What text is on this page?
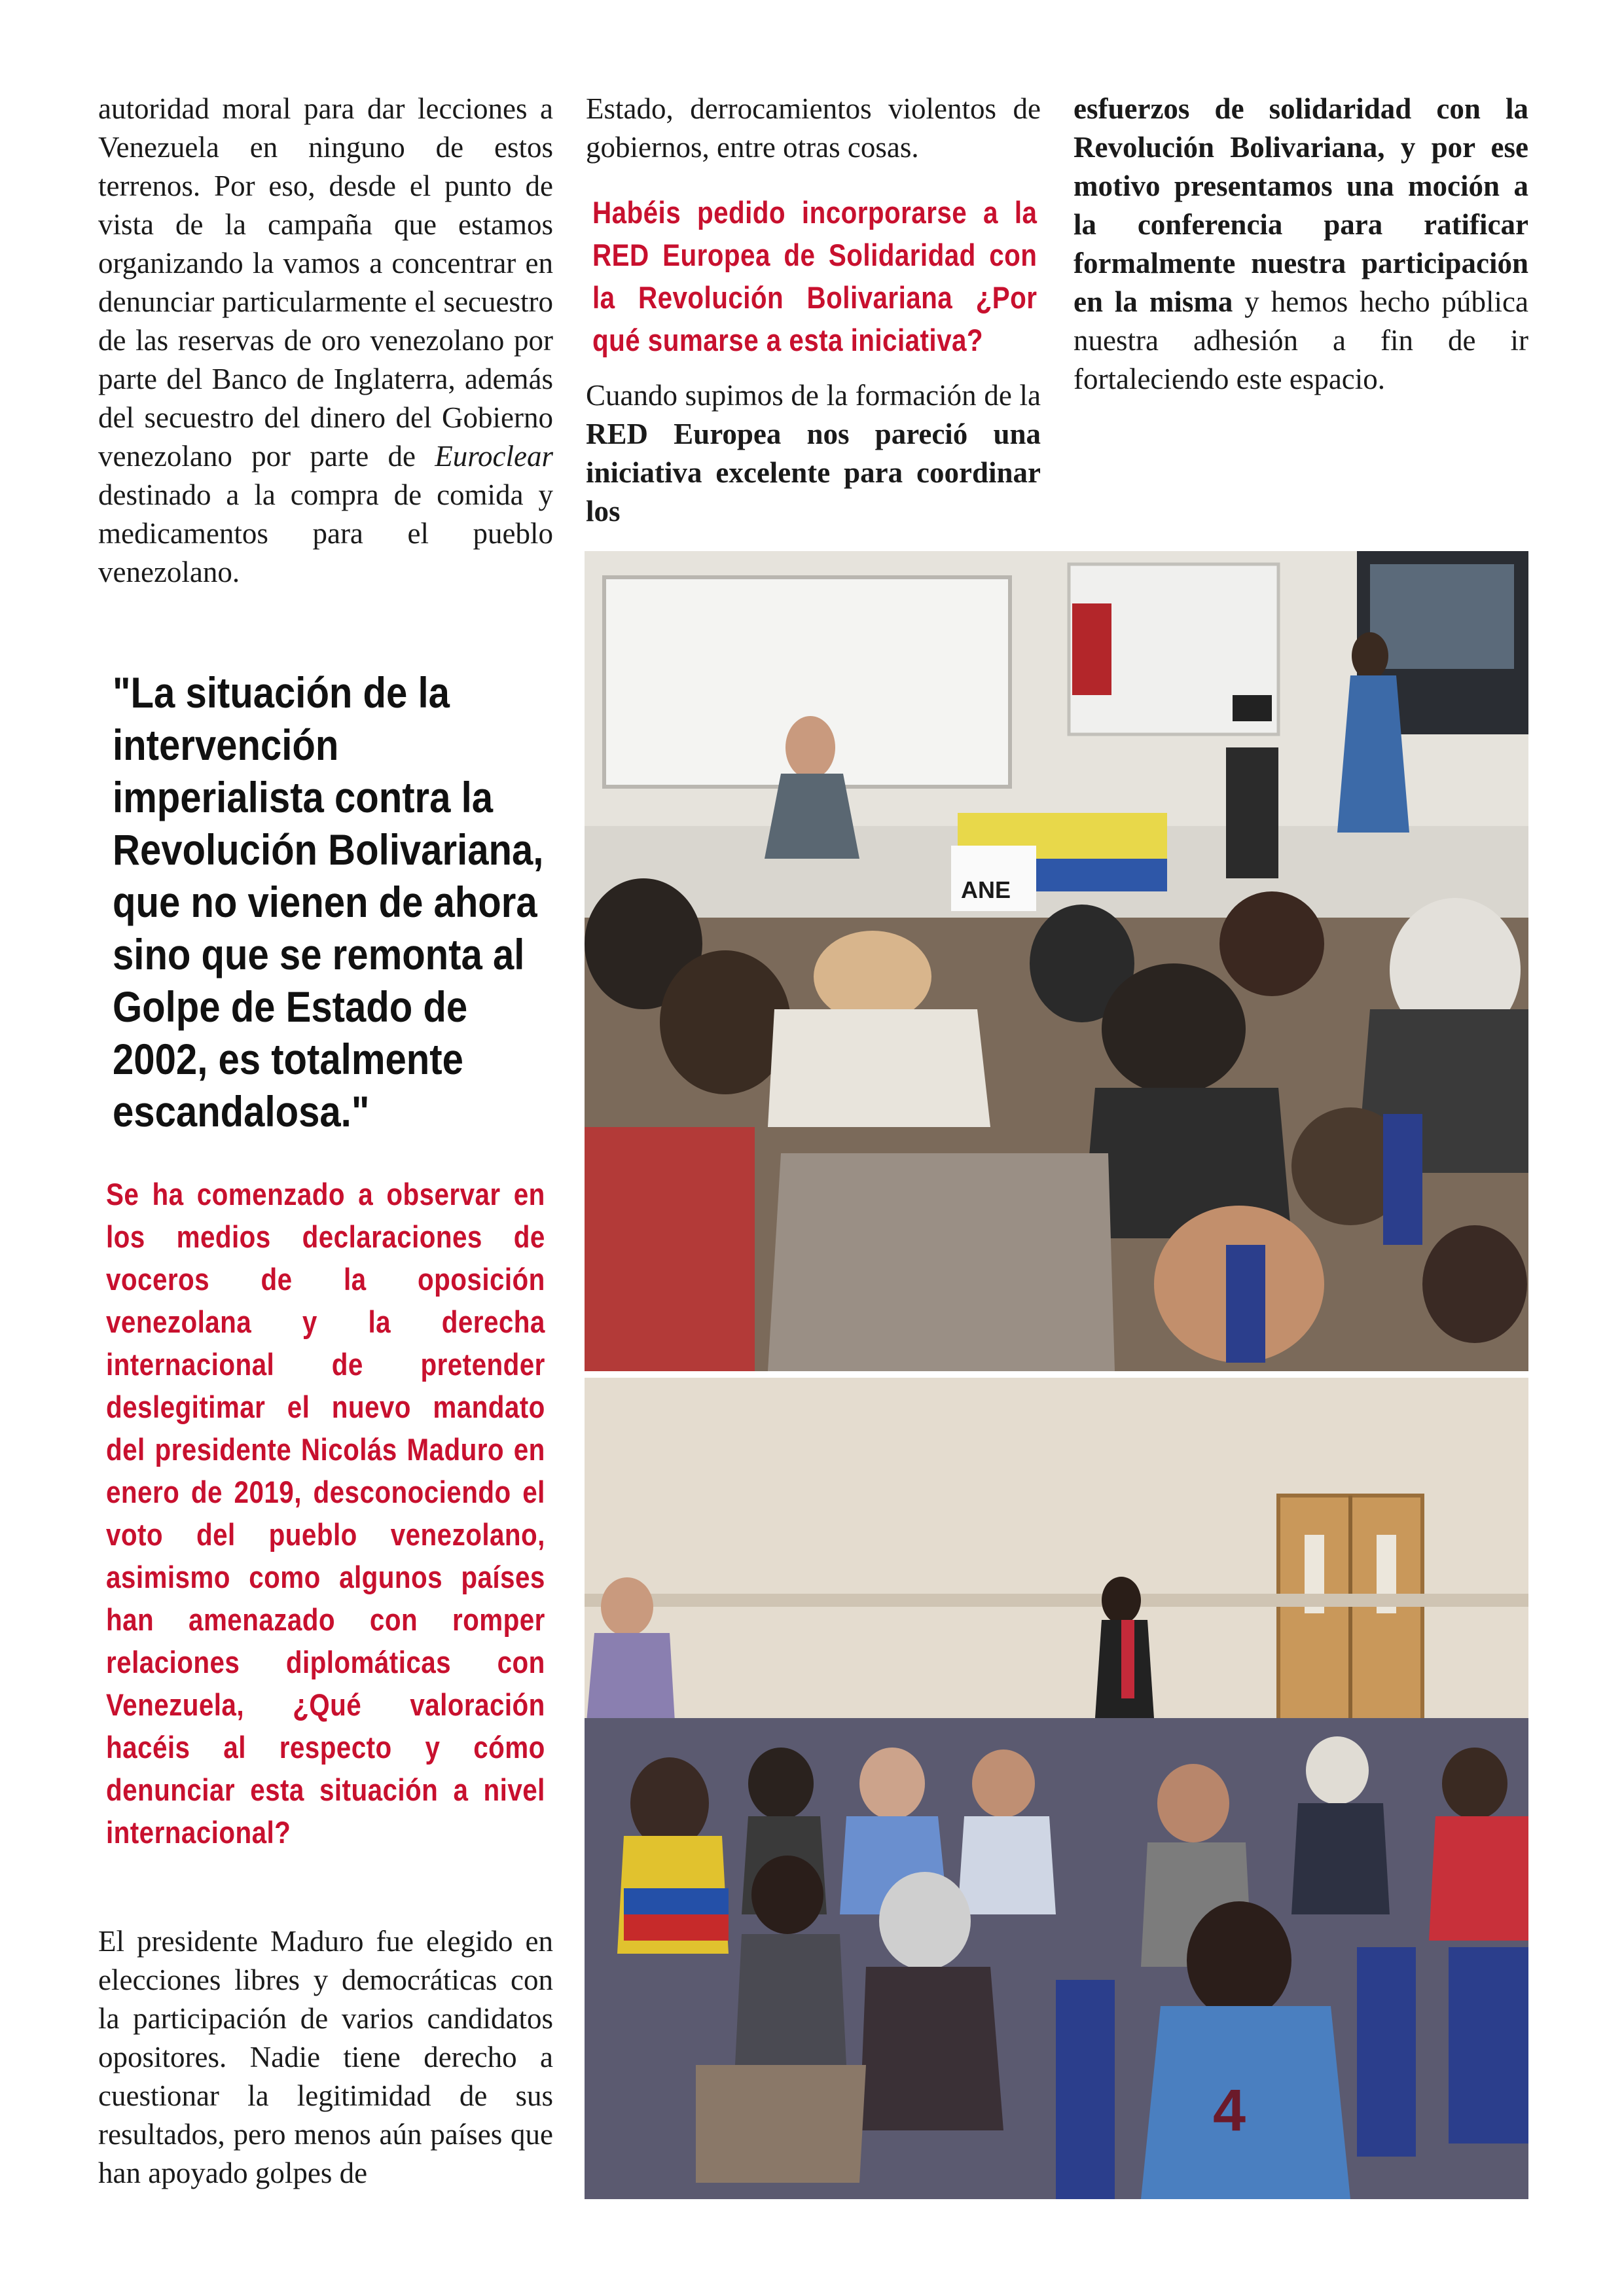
autoridad moral para dar lecciones a Venezuela en ninguno de estos terrenos. Por eso, desde el punto de vista de la campaña que estamos organizando la vamos a concentrar en denunciar particularmente el secuestro de las reservas de oro venezolano por parte del Banco de Inglaterra, además del secuestro del dinero del Gobierno venezolano por parte de Euroclear destinado a la compra de comida y medicamentos para el pueblo venezolano.

"La situación de la intervención imperialista contra la Revolución Bolivariana, que no vienen de ahora sino que se remonta al Golpe de Estado de 2002, es totalmente escandalosa."

Se ha comenzado a observar en los medios declaraciones de voceros de la oposición venezolana y la derecha internacional de pretender deslegitimar el nuevo mandato del presidente Nicolás Maduro en enero de 2019, desconociendo el voto del pueblo venezolano, asimismo como algunos países han amenazado con romper relaciones diplomáticas con Venezuela, ¿Qué valoración hacéis al respecto y cómo denunciar esta situación a nivel internacional?

El presidente Maduro fue elegido en elecciones libres y democráticas con la participación de varios candidatos opositores. Nadie tiene derecho a cuestionar la legitimidad de sus resultados, pero menos aún países que han apoyado golpes de

Estado, derrocamientos violentos de gobiernos, entre otras cosas.

Habéis pedido incorporarse a la RED Europea de Solidaridad con la Revolución Bolivariana ¿Por qué sumarse a esta iniciativa?

Cuando supimos de la formación de la RED Europea nos pareció una iniciativa excelente para coordinar los

esfuerzos de solidaridad con la Revolución Bolivariana, y por ese motivo presentamos una moción a la conferencia para ratificar formalmente nuestra participación en la misma y hemos hecho pública nuestra adhesión a fin de ir fortaleciendo este espacio.

ANE
4
